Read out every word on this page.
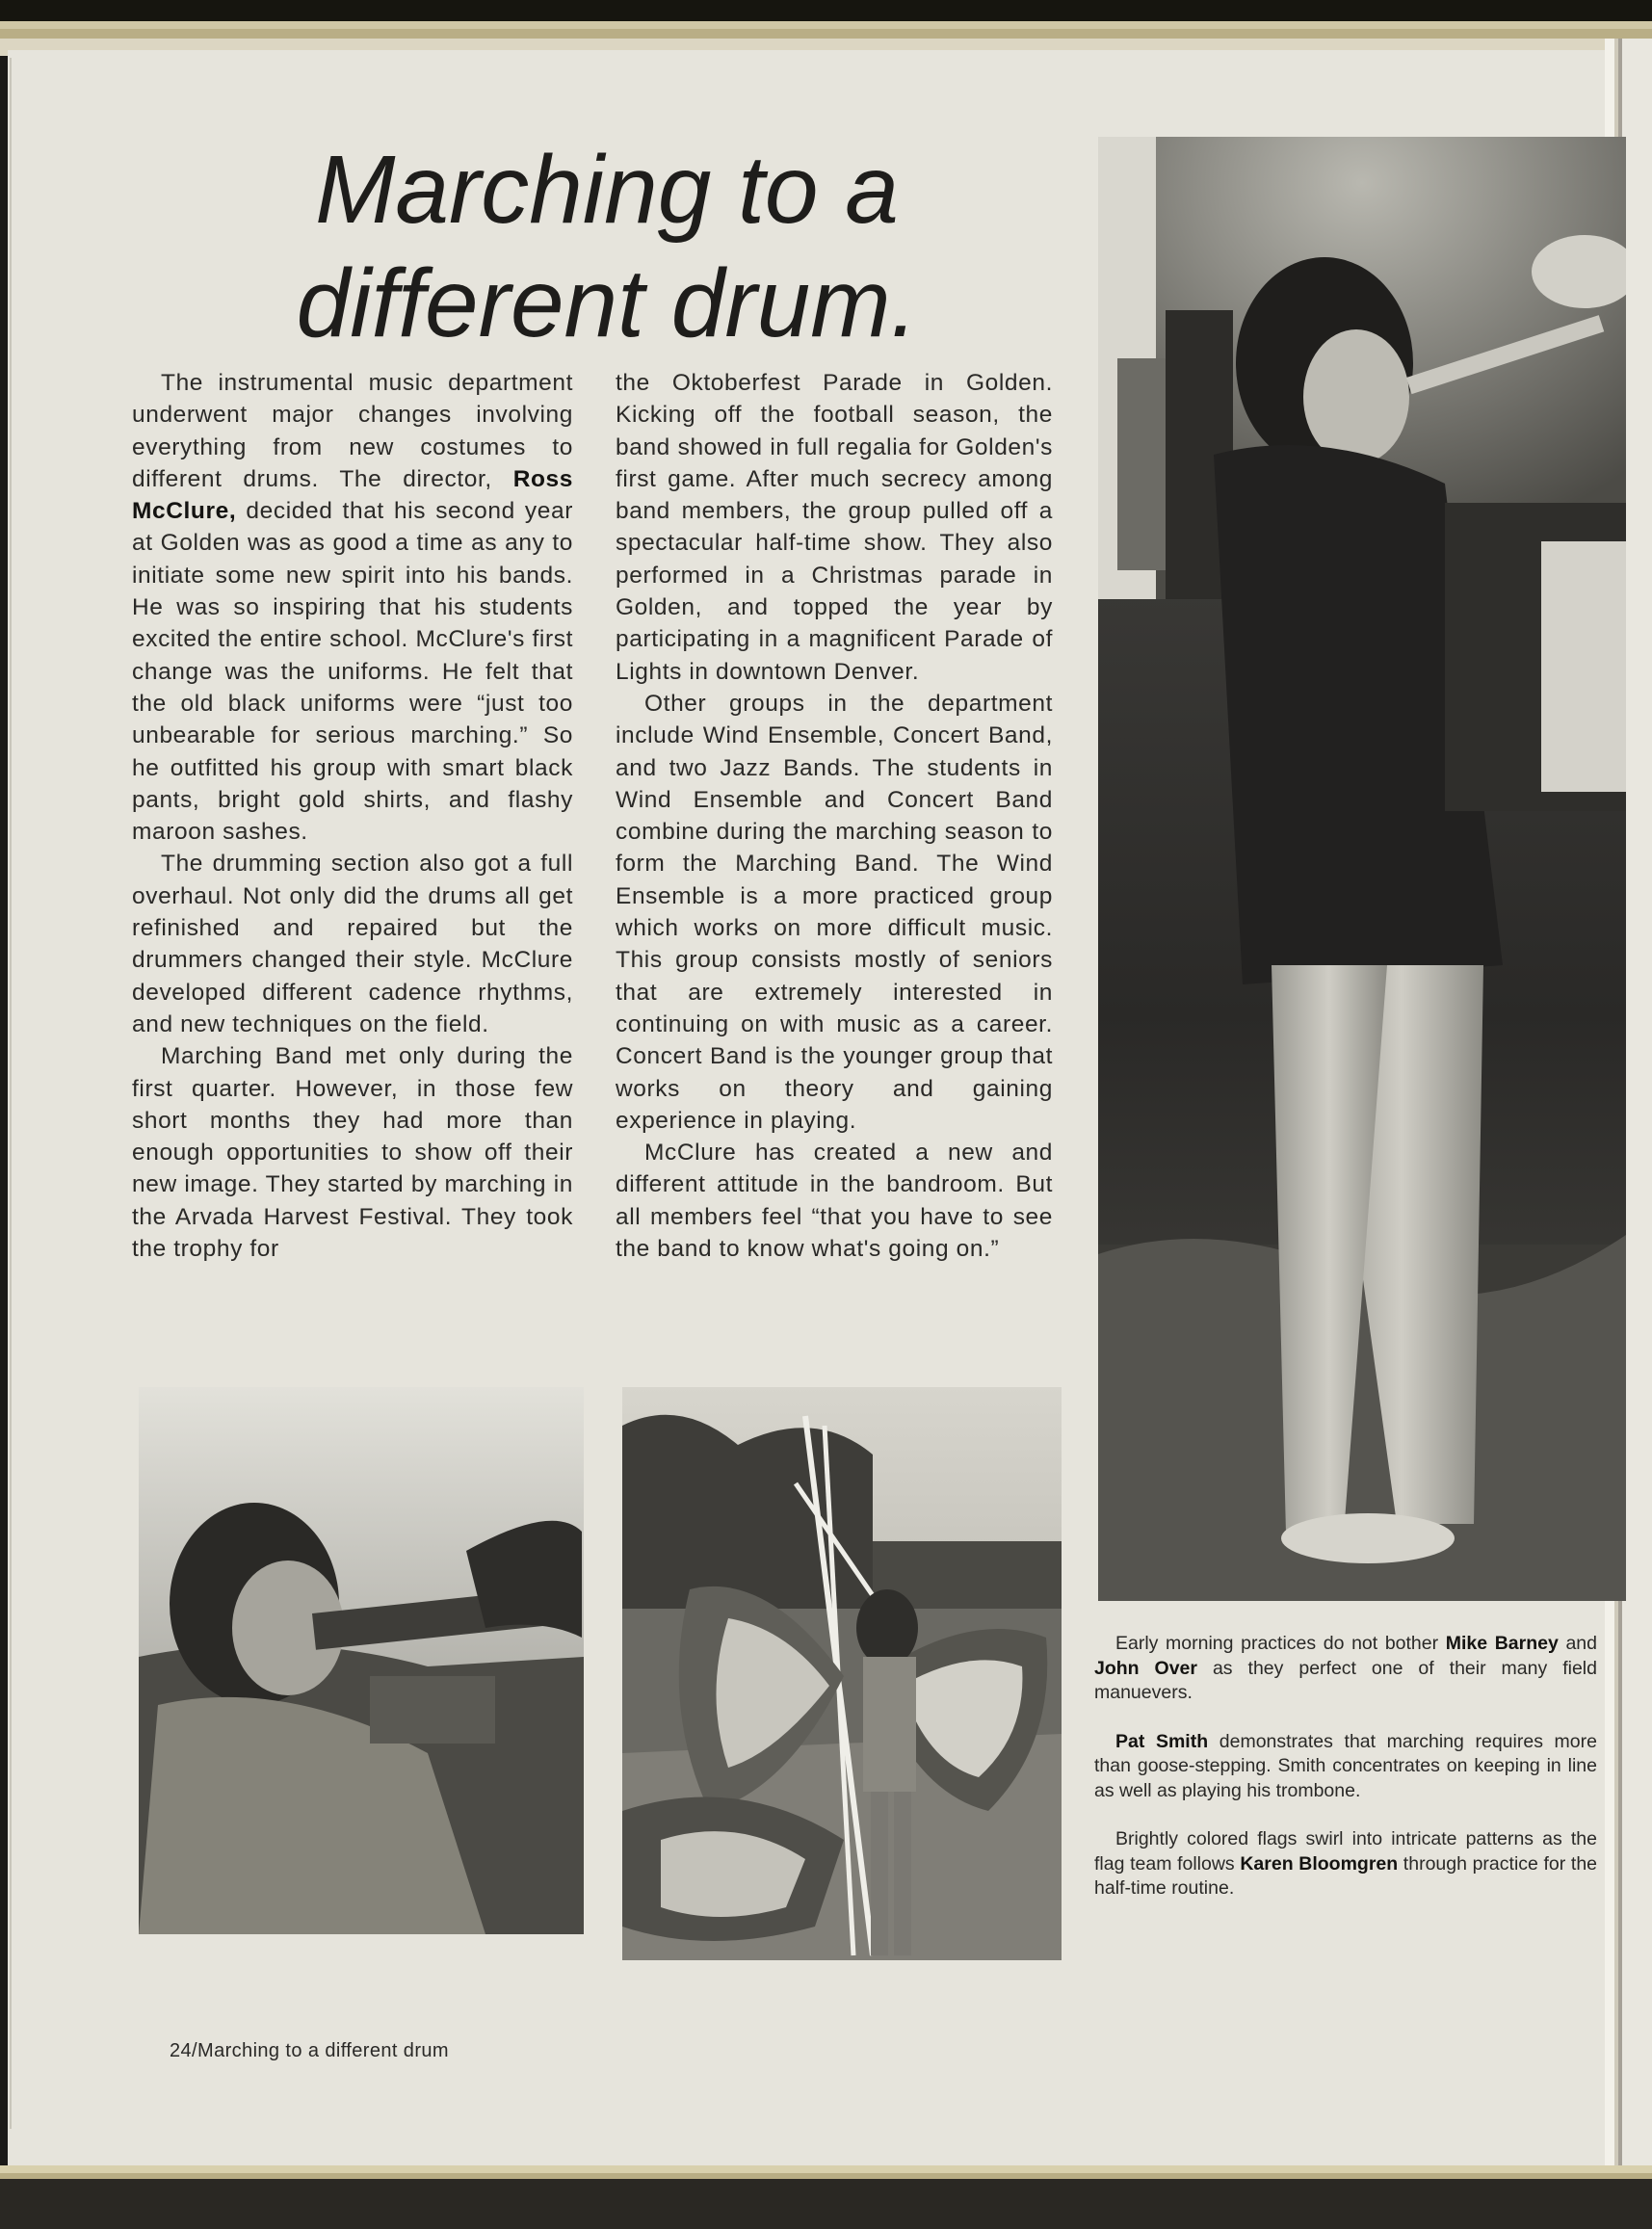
Marching to a
different drum.

The instrumental music department underwent major changes involving everything from new costumes to different drums. The director, Ross McClure, decided that his second year at Golden was as good a time as any to initiate some new spirit into his bands. He was so inspiring that his students excited the entire school. McClure's first change was the uniforms. He felt that the old black uniforms were “just too unbearable for serious marching.” So he outfitted his group with smart black pants, bright gold shirts, and flashy maroon sashes.

The drumming section also got a full overhaul. Not only did the drums all get refinished and repaired but the drummers changed their style. McClure developed different cadence rhythms, and new techniques on the field.

Marching Band met only during the first quarter. However, in those few short months they had more than enough opportunities to show off their new image. They started by marching in the Arvada Harvest Festival. They took the trophy for

the Oktoberfest Parade in Golden. Kicking off the football season, the band showed in full regalia for Golden's first game. After much secrecy among band members, the group pulled off a spectacular half-time show. They also performed in a Christmas parade in Golden, and topped the year by participating in a magnificent Parade of Lights in downtown Denver.

Other groups in the department include Wind Ensemble, Concert Band, and two Jazz Bands. The students in Wind Ensemble and Concert Band combine during the marching season to form the Marching Band. The Wind Ensemble is a more practiced group which works on more difficult music. This group consists mostly of seniors that are extremely interested in continuing on with music as a career. Concert Band is the younger group that works on theory and gaining experience in playing.

McClure has created a new and different attitude in the bandroom. But all members feel “that you have to see the band to know what's going on.”

Early morning practices do not bother Mike Barney and John Over as they perfect one of their many field manuevers.

Pat Smith demonstrates that marching requires more than goose-stepping. Smith concentrates on keeping in line as well as playing his trombone.

Brightly colored flags swirl into intricate patterns as the flag team follows Karen Bloomgren through practice for the half-time routine.

24/Marching to a different drum
